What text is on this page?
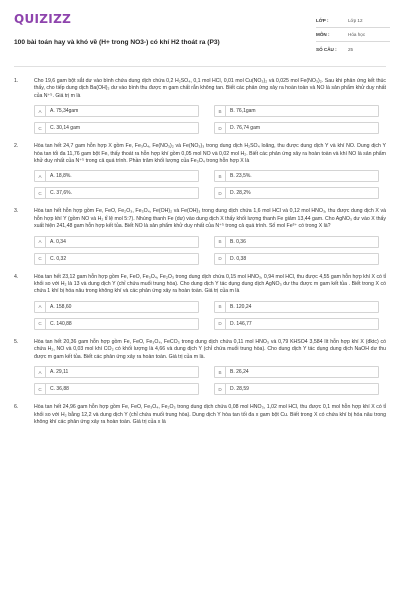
QUIZIZZ
100 bài toán hay và khó về (H+ trong NO3-) có khí H2 thoát ra (P3)
LỚP :	Lớp 12
MÔN :	Hóa học
SỐ CÂU :	25
1.	Cho 19,6 gam bột sắt dư vào bình chứa dung dịch chứa 0,2 H₂SO₄, 0,1 mol HCl, 0,01 mol Cu(NO₃)₂ và 0,025 mol Fe(NO₃)₂. Sau khi phản ứng kết thúc thấy, cho tiếp dung dịch Ba(OH)₂ dư vào bình thu được m gam chất rắn không tan. Biết các phản ứng xảy ra hoàn toàn và NO là sản phẩm khử duy nhất của N⁺⁵. Giá trị m là
A	A. 75,34gam	B	B. 76,1gam
C	C. 30,14 gam	D	D. 76,74 gam
2.	Hòa tan hết 24,7 gam hỗn hợp X gồm Fe, Fe₃O₄, Fe(NO₃)₂ và Fe(NO₃)₃ trong dung dịch H₂SO₄ loãng, thu được dung dịch Y và khí NO. Dung dịch Y hòa tan tối đa 11,76 gam bột Fe, thấy thoát ra hỗn hợp khí gồm 0,05 mol NO và 0,02 mol H₂. Biết các phản ứng xảy ra hoàn toàn và khí NO là sản phẩm khử duy nhất của N⁺⁵ trong cả quá trình. Phần trăm khối lượng của Fe₃O₄ trong hỗn hợp X là
A	A. 18,8%.	B	B. 23,5%.
C	C. 37,6%.	D	D. 28,2%
3.	Hòa tan hết hỗn hợp gồm Fe, FeO, Fe₂O₃, Fe₃O₄, Fe(OH)₂ và Fe(OH)₃ trong dung dịch chứa 1,6 mol HCl và 0,12 mol HNO₃, thu được dung dịch X và hỗn hợp khí Y (gồm NO và H₂ tỉ lệ mol 5:7). Nhúng thanh Fe (dư) vào dung dịch X thấy khối lượng thanh Fe giảm 13,44 gam. Cho AgNO₃ dư vào X thấy xuất hiện 241,48 gam hỗn hợp kết tủa. Biết NO là sản phẩm khử duy nhất của N⁺⁵ trong cả quá trình. Số mol Fe³⁺ có trong X là?
A	A. 0,34	B	B. 0,36
C	C. 0,32	D	D. 0,38
4.	Hòa tan hết 23,12 gam hỗn hợp gồm Fe, FeO, Fe₃O₄, Fe₂O₃ trong dung dịch chứa 0,15 mol HNO₃, 0,94 mol HCl, thu được 4,55 gam hỗn hợp khí X có tỉ khối so với H₂ là 13 và dung dịch Y (chỉ chứa muối trung hòa). Cho dung dịch Y tác dụng dung dịch AgNO₃ dư thu được m gam kết tủa . Biết trong X có chứa 1 khí bị hóa nâu trong không khí và các phản ứng xảy ra hoàn toàn. Giá trị của m là
A	A. 158,60	B	B. 120,24
C	C. 140,88	D	D. 146,77
5.	Hòa tan hết 20,36 gam hỗn hợp gồm Fe, FeO, Fe₃O₄, FeCO₃ trong dung dịch chứa 0,11 mol HNO₃ và 0,79 KHSO4 3,584 lít hỗn hợp khí X (đktc) có chứa H₂, NO và 0,03 mol khí CO₂ có khối lượng là 4,66 và dung dịch Y (chỉ chứa muối trung hòa). Cho dung dịch Y tác dụng dung dịch NaOH dư thu được m gam kết tủa. Biết các phản ứng xảy ra hoàn toàn. Giá trị của m là.
A	A. 29,11	B	B. 26,24
C	C. 36,88	D	D. 28,59
6.	Hòa tan hết 24,96 gam hỗn hợp gồm Fe, FeO, Fe₃O₄, Fe₂O₃ trong dung dịch chứa 0,08 mol HNO₃, 1,02 mol HCl, thu được 0,1 mol hỗn hợp khí X có tỉ khối so với H₂ bằng 12,2 và dung dịch Y (chỉ chứa muối trung hòa). Dung dịch Y hòa tan tối đa x gam bột Cu. Biết trong X có chứa khí bị hóa nâu trong không khí các phản ứng xảy ra hoàn toàn. Giá trị của x là
